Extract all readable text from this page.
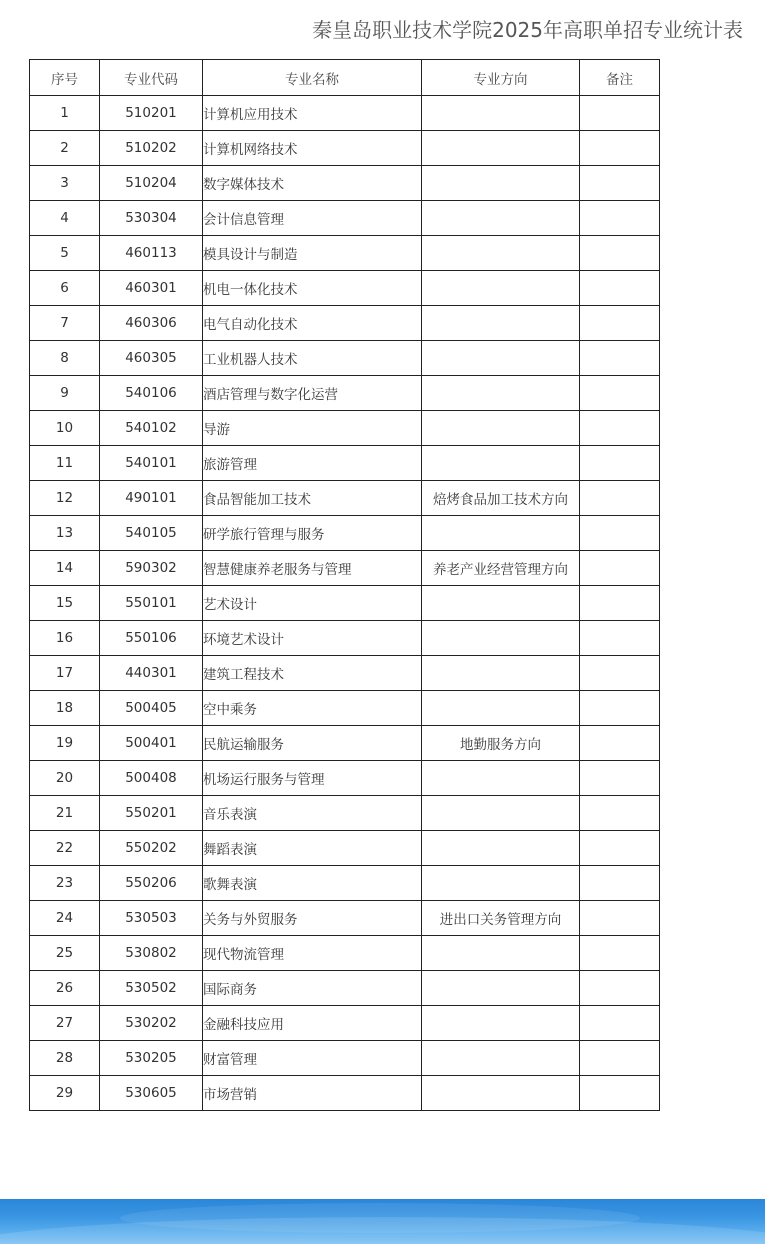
秦皇岛职业技术学院2025年高职单招专业统计表
序号	专业代码	专业名称	专业方向	备注
1	510201	计算机应用技术		
2	510202	计算机网络技术		
3	510204	数字媒体技术		
4	530304	会计信息管理		
5	460113	模具设计与制造		
6	460301	机电一体化技术		
7	460306	电气自动化技术		
8	460305	工业机器人技术		
9	540106	酒店管理与数字化运营		
10	540102	导游		
11	540101	旅游管理		
12	490101	食品智能加工技术	焙烤食品加工技术方向	
13	540105	研学旅行管理与服务		
14	590302	智慧健康养老服务与管理	养老产业经营管理方向	
15	550101	艺术设计		
16	550106	环境艺术设计		
17	440301	建筑工程技术		
18	500405	空中乘务		
19	500401	民航运输服务	地勤服务方向	
20	500408	机场运行服务与管理		
21	550201	音乐表演		
22	550202	舞蹈表演		
23	550206	歌舞表演		
24	530503	关务与外贸服务	进出口关务管理方向	
25	530802	现代物流管理		
26	530502	国际商务		
27	530202	金融科技应用		
28	530205	财富管理		
29	530605	市场营销		
